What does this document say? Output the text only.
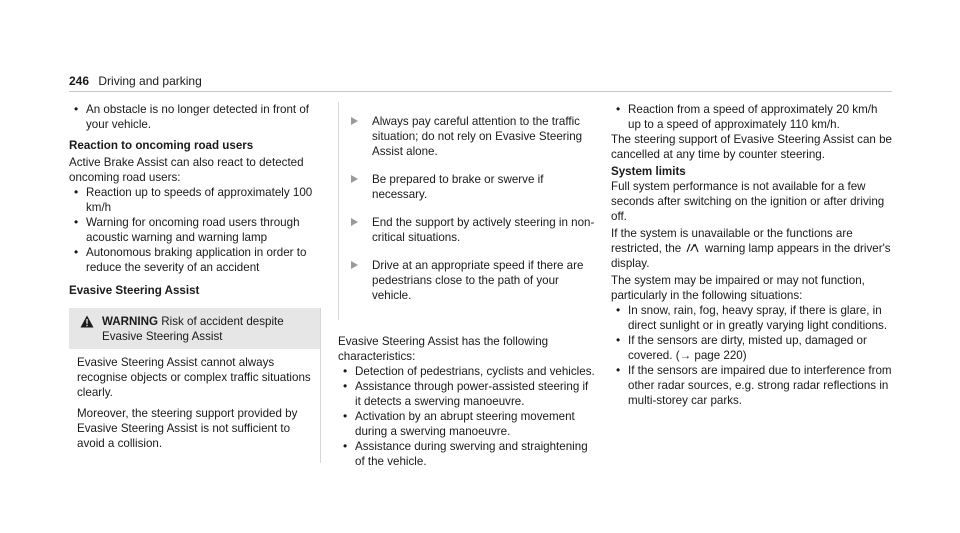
246 Driving and parking
• An obstacle is no longer detected in front of your vehicle.

Reaction to oncoming road users

Active Brake Assist can also react to detected oncoming road users:

• Reaction up to speeds of approximately 100 km/h
• Warning for oncoming road users through acoustic warning and warning lamp
• Autonomous braking application in order to reduce the severity of an accident

Evasive Steering Assist

WARNING Risk of accident despite Evasive Steering Assist

Evasive Steering Assist cannot always recognise objects or complex traffic situations clearly.

Moreover, the steering support provided by Evasive Steering Assist is not sufficient to avoid a collision.

Always pay careful attention to the traffic situation; do not rely on Evasive Steering Assist alone.
Be prepared to brake or swerve if necessary.
End the support by actively steering in non-critical situations.
Drive at an appropriate speed if there are pedestrians close to the path of your vehicle.

Evasive Steering Assist has the following characteristics:

• Detection of pedestrians, cyclists and vehicles.
• Assistance through power-assisted steering if it detects a swerving manoeuvre.
• Activation by an abrupt steering movement during a swerving manoeuvre.
• Assistance during swerving and straightening of the vehicle.
• Reaction from a speed of approximately 20 km/h up to a speed of approximately 110 km/h.

The steering support of Evasive Steering Assist can be cancelled at any time by counter steering.

System limits

Full system performance is not available for a few seconds after switching on the ignition or after driving off.

If the system is unavailable or the functions are restricted, the warning lamp appears in the driver's display.

The system may be impaired or may not function, particularly in the following situations:

• In snow, rain, fog, heavy spray, if there is glare, in direct sunlight or in greatly varying light conditions.
• If the sensors are dirty, misted up, damaged or covered. (→ page 220)
• If the sensors are impaired due to interference from other radar sources, e.g. strong radar reflections in multi-storey car parks.
